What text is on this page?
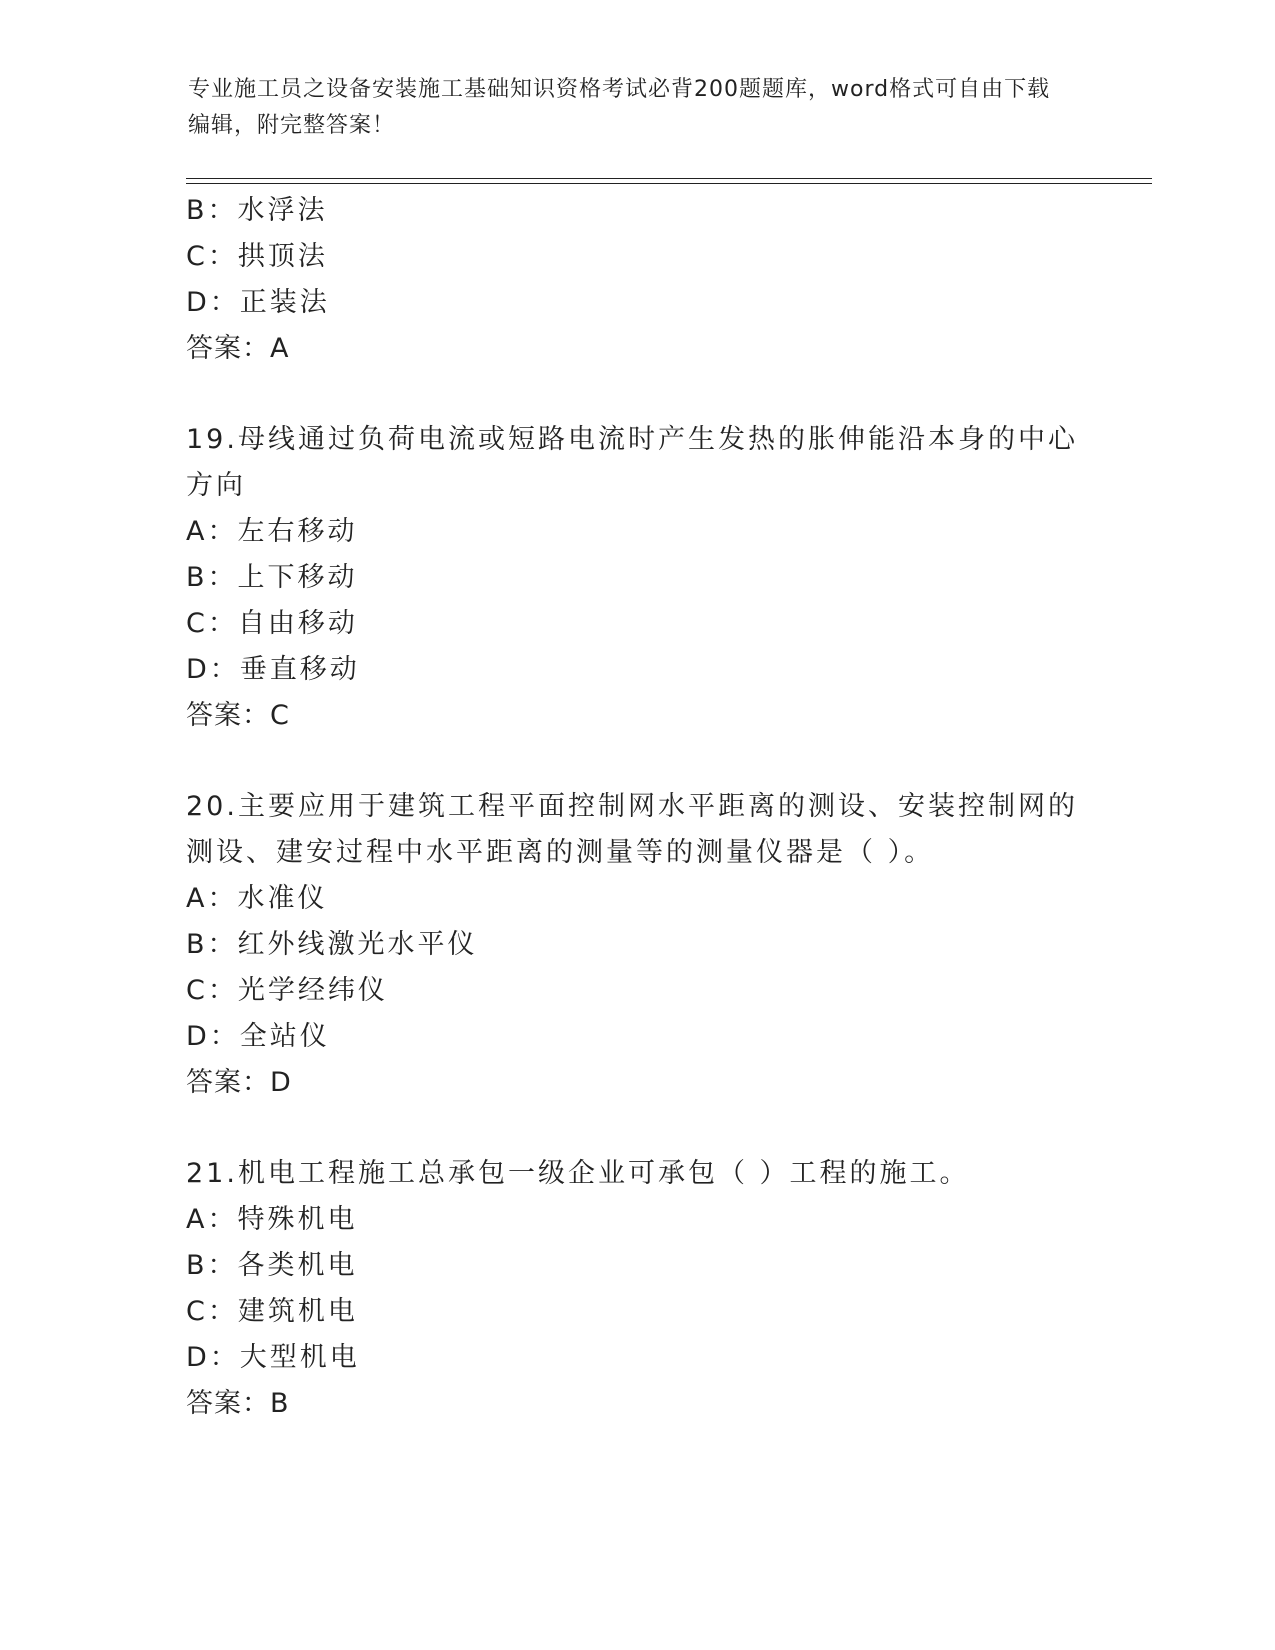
专业施工员之设备安装施工基础知识资格考试必背200题题库，word格式可自由下载编辑，附完整答案！
B：水浮法
C：拱顶法
D：正装法
答案：A
19.母线通过负荷电流或短路电流时产生发热的胀伸能沿本身的中心方向
A：左右移动
B：上下移动
C：自由移动
D：垂直移动
答案：C
20.主要应用于建筑工程平面控制网水平距离的测设、安装控制网的测设、建安过程中水平距离的测量等的测量仪器是（ ）。
A：水准仪
B：红外线激光水平仪
C：光学经纬仪
D：全站仪
答案：D
21.机电工程施工总承包一级企业可承包（ ）工程的施工。
A：特殊机电
B：各类机电
C：建筑机电
D：大型机电
答案：B
